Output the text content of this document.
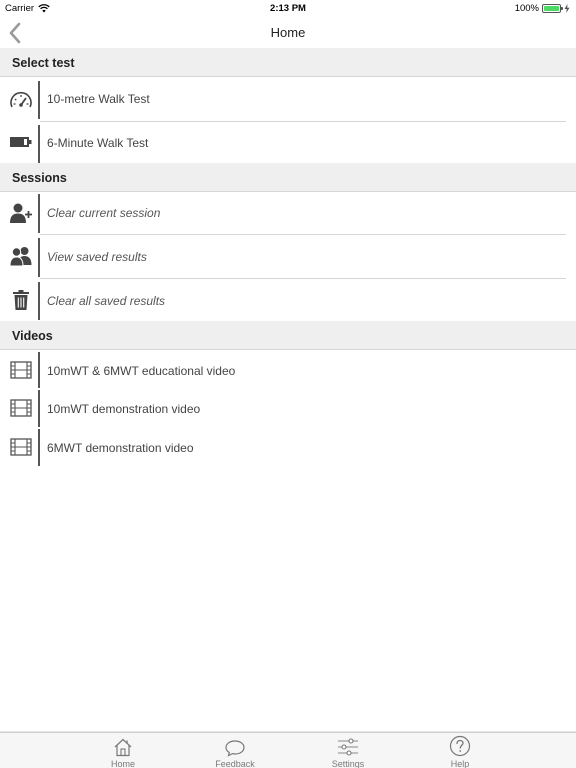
Carrier	2:13 PM	100%
Home
Select test
10-metre Walk Test
6-Minute Walk Test
Sessions
Clear current session
View saved results
Clear all saved results
Videos
10mWT & 6MWT educational video
10mWT demonstration video
6MWT demonstration video
Home	Feedback	Settings	Help
